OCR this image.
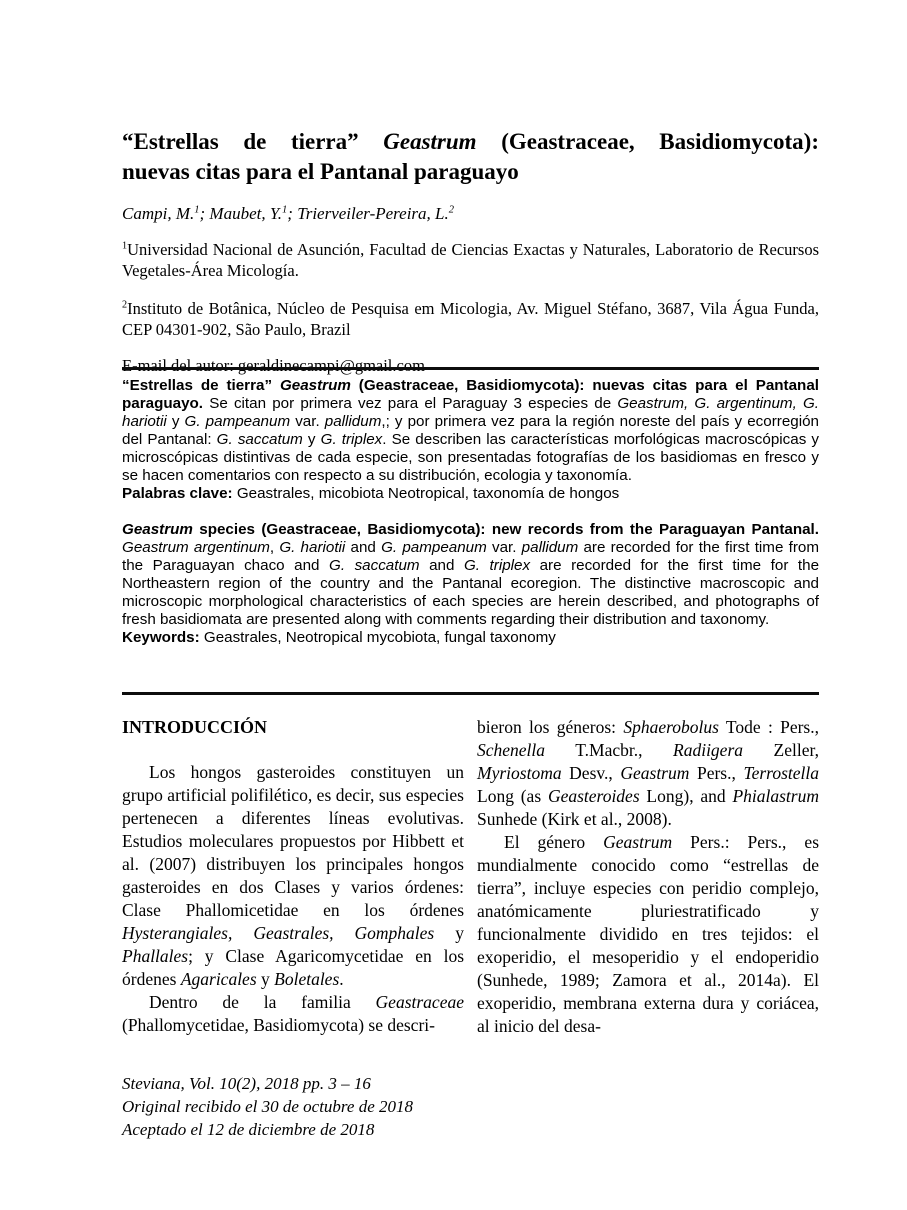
“Estrellas de tierra” Geastrum (Geastraceae, Basidiomycota):
nuevas citas para el Pantanal paraguayo
Campi, M.$^1$; Maubet, Y.$^1$; Trierveiler-Pereira, L.$^2$

$^1$Universidad Nacional de Asunción, Facultad de Ciencias Exactas y Naturales, Laboratorio de Recursos Vegetales-Área Micología.

$^2$Instituto de Botânica, Núcleo de Pesquisa em Micologia, Av. Miguel Stéfano, 3687, Vila Água Funda, CEP 04301-902, São Paulo, Brazil

E-mail del autor: geraldinecampi@gmail.com

“Estrellas de tierra” Geastrum (Geastraceae, Basidiomycota): nuevas citas para el Pantanal paraguayo. Se citan por primera vez para el Paraguay 3 especies de Geastrum, G. argentinum, G. hariotii y G. pampeanum var. pallidum,; y por primera vez para la región noreste del país y ecorregión del Pantanal: G. saccatum y G. triplex. Se describen las características morfológicas macroscópicas y microscópicas distintivas de cada especie, son presentadas fotografías de los basidiomas en fresco y se hacen comentarios con respecto a su distribución, ecologia y taxonomía.

Palabras clave: Geastrales, micobiota Neotropical, taxonomía de hongos

Geastrum species (Geastraceae, Basidiomycota): new records from the Paraguayan Pantanal. Geastrum argentinum, G. hariotii and G. pampeanum var. pallidum are recorded for the first time from the Paraguayan chaco and G. saccatum and G. triplex are recorded for the first time for the Northeastern region of the country and the Pantanal ecoregion. The distinctive macroscopic and microscopic morphological characteristics of each species are herein described, and photographs of fresh basidiomata are presented along with comments regarding their distribution and taxonomy.

Keywords: Geastrales, Neotropical mycobiota, fungal taxonomy

INTRODUCCIÓN

Los hongos gasteroides constituyen un grupo artificial polifilético, es decir, sus especies pertenecen a diferentes líneas evolutivas. Estudios moleculares propuestos por Hibbett et al. (2007) distribuyen los principales hongos gasteroides en dos Clases y varios órdenes: Clase Phallomicetidae en los órdenes Hysterangiales, Geastrales, Gomphales y Phallales; y Clase Agaricomycetidae en los órdenes Agaricales y Boletales.

Dentro de la familia Geastraceae (Phallomycetidae, Basidiomycota) se descri-

bieron los géneros: Sphaerobolus Tode : Pers., Schenella T.Macbr., Radiigera Zeller, Myriostoma Desv., Geastrum Pers., Terrostella Long (as Geasteroides Long), and Phialastrum Sunhede (Kirk et al., 2008).

El género Geastrum Pers.: Pers., es mundialmente conocido como “estrellas de tierra”, incluye especies con peridio complejo, anatómicamente pluriestratificado y funcionalmente dividido en tres tejidos: el exoperidio, el mesoperidio y el endoperidio (Sunhede, 1989; Zamora et al., 2014a). El exoperidio, membrana externa dura y coriácea, al inicio del desa-

Steviana, Vol. 10(2), 2018 pp. 3 – 16
Original recibido el 30 de octubre de 2018
Aceptado el 12 de diciembre de 2018
